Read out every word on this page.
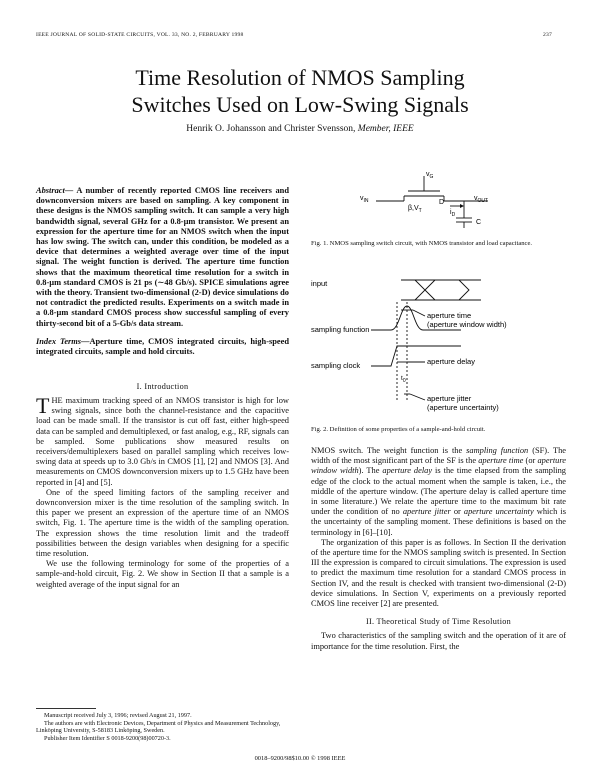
IEEE JOURNAL OF SOLID-STATE CIRCUITS, VOL. 33, NO. 2, FEBRUARY 1998	237
Time Resolution of NMOS Sampling
Switches Used on Low-Swing Signals
Henrik O. Johansson and Christer Svensson, Member, IEEE
Abstract— A number of recently reported CMOS line receivers and downconversion mixers are based on sampling. A key component in these designs is the NMOS sampling switch. It can sample a very high bandwidth signal, several GHz for a 0.8-µm transistor. We present an expression for the aperture time for an NMOS switch when the input has low swing. The switch can, under this condition, be modeled as a device that determines a weighted average over time of the input signal. The weight function is derived. The aperture time function shows that the maximum theoretical time resolution for a switch in 0.8-µm standard CMOS is 21 ps (∼48 Gb/s). SPICE simulations agree with the theory. Transient two-dimensional (2-D) device simulations do not contradict the predicted results. Experiments on a switch made in a 0.8-µm standard CMOS process show successful sampling of every thirty-second bit of a 5-Gb/s data stream.
Index Terms—Aperture time, CMOS integrated circuits, high-speed integrated circuits, sample and hold circuits.
I. Introduction

THE maximum tracking speed of an NMOS transistor is high for low swing signals, since both the channel-resistance and the capacitive load can be made small. If the transistor is cut off fast, either high-speed data can be sampled and demultiplexed, or fast analog, e.g., RF, signals can be sampled. Some publications show measured results on receivers/demultiplexers based on parallel sampling which receives low-swing data at speeds up to 3.0 Gb/s in CMOS [1], [2] and NMOS [3]. And measurements on CMOS downconversion mixers up to 1.5 GHz have been reported in [4] and [5].

One of the speed limiting factors of the sampling receiver and downconversion mixer is the time resolution of the sampling switch. In this paper we present an expression of the aperture time of an NMOS switch, Fig. 1. The aperture time is the width of the sampling operation. The expression shows the time resolution limit and the tradeoff possibilities between the design variables when designing for a specific time resolution.

We use the following terminology for some of the properties of a sample-and-hold circuit, Fig. 2. We show in Section II that a sample is a weighted average of the input signal for an

Manuscript received July 3, 1996; revised August 21, 1997.
The authors are with Electronic Devices, Department of Physics and Measurement Technology, Linköping University, S-58183 Linköping, Sweden.
Publisher Item Identifier S 0018-9200(98)00720-3.
$v_G$
$v_{IN}$	D
$\beta,V_T$	$i_D$
$v_{OUT}$
C
Fig. 1. NMOS sampling switch circuit, with NMOS transistor and load capacitance.
input
sampling function
sampling clock
aperture time
(aperture window width)
aperture delay
aperture jitter
(aperture uncertainty)
$t_0$
Fig. 2. Definition of some properties of a sample-and-hold circuit.

NMOS switch. The weight function is the sampling function (SF). The width of the most significant part of the SF is the aperture time (or aperture window width). The aperture delay is the time elapsed from the sampling edge of the clock to the actual moment when the sample is taken, i.e., the middle of the aperture window. (The aperture delay is called aperture time in some literature.) We relate the aperture time to the maximum bit rate under the condition of no aperture jitter or aperture uncertainty which is the uncertainty of the sampling moment. These definitions is based on the terminology in [6]–[10].

The organization of this paper is as follows. In Section II the derivation of the aperture time for the NMOS sampling switch is presented. In Section III the expression is compared to circuit simulations. The expression is used to predict the maximum time resolution for a standard CMOS process in Section IV, and the result is checked with transient two-dimensional (2-D) device simulations. In Section V, experiments on a previously reported CMOS line receiver [2] are presented.

II. Theoretical Study of Time Resolution

Two characteristics of the sampling switch and the operation of it are of importance for the time resolution. First, the

0018–9200/98$10.00 © 1998 IEEE
